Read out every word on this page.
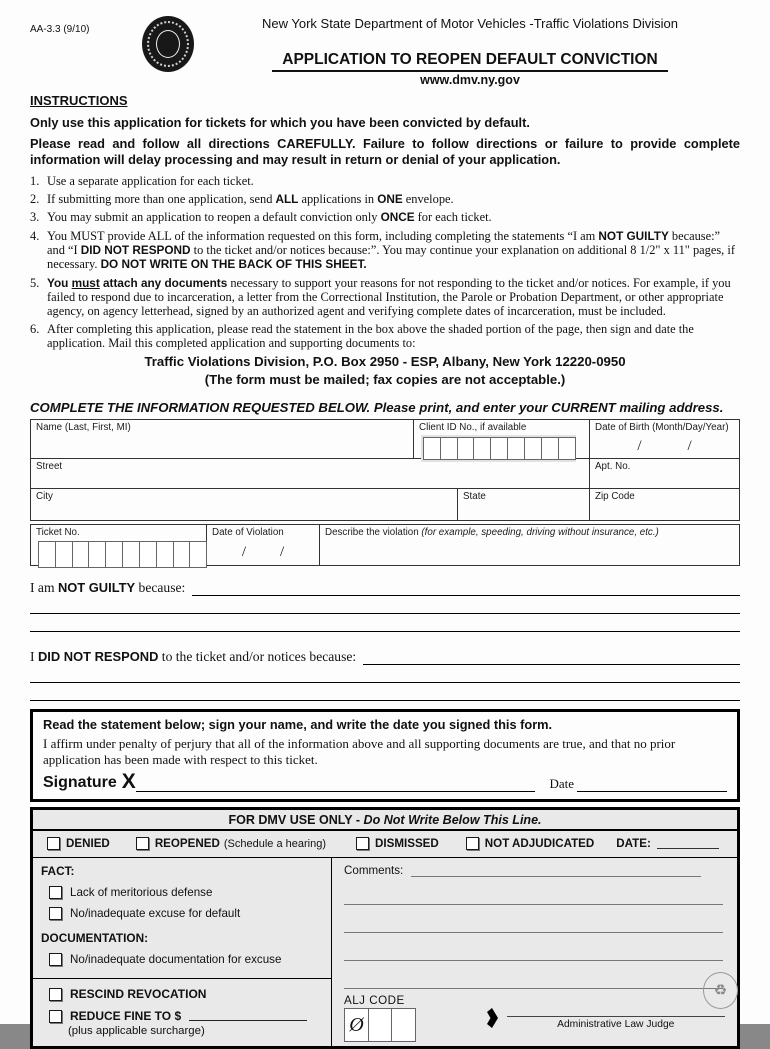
AA-3.3 (9/10)	New York State Department of Motor Vehicles -Traffic Violations Division

APPLICATION TO REOPEN DEFAULT CONVICTION

www.dmv.ny.gov
INSTRUCTIONS

Only use this application for tickets for which you have been convicted by default.

Please read and follow all directions CAREFULLY. Failure to follow directions or failure to provide complete information will delay processing and may result in return or denial of your application.

1. Use a separate application for each ticket.
2. If submitting more than one application, send ALL applications in ONE envelope.
3. You may submit an application to reopen a default conviction only ONCE for each ticket.
4. You MUST provide ALL of the information requested on this form, including completing the statements “I am NOT GUILTY because:” and “I DID NOT RESPOND to the ticket and/or notices because:”. You may continue your explanation on additional 8 1/2" x 11" pages, if necessary. DO NOT WRITE ON THE BACK OF THIS SHEET.
5. You must attach any documents necessary to support your reasons for not responding to the ticket and/or notices. For example, if you failed to respond due to incarceration, a letter from the Correctional Institution, the Parole or Probation Department, or other appropriate agency, on agency letterhead, signed by an authorized agent and verifying complete dates of incarceration, must be included.
6. After completing this application, please read the statement in the box above the shaded portion of the page, then sign and date the application. Mail this completed application and supporting documents to:
Traffic Violations Division, P.O. Box 2950 - ESP, Albany, New York 12220-0950
(The form must be mailed; fax copies are not acceptable.)
COMPLETE THE INFORMATION REQUESTED BELOW. Please print, and enter your CURRENT mailing address.
Name (Last, First, MI)	Client ID No., if available	Date of Birth (Month/Day/Year)
/	/
Street	Apt. No.
City	State	Zip Code
Ticket No.	Date of Violation
/ /
Describe the violation (for example, speeding, driving without insurance, etc.)
I am NOT GUILTY because:
I DID NOT RESPOND to the ticket and/or notices because:
Read the statement below; sign your name, and write the date you signed this form.
I affirm under penalty of perjury that all of the information above and all supporting documents are true, and that no prior application has been made with respect to this ticket.
Signature X	Date
FOR DMV USE ONLY - Do Not Write Below This Line.
DENIED	REOPENED (Schedule a hearing)	DISMISSED	NOT ADJUDICATED DATE:
FACT:
Lack of meritorious defense
No/inadequate excuse for default
DOCUMENTATION:
No/inadequate documentation for excuse
RESCIND REVOCATION
REDUCE FINE TO $
(plus applicable surcharge)
Comments:
ALJ CODE
Ø	Administrative Law Judge
♻
